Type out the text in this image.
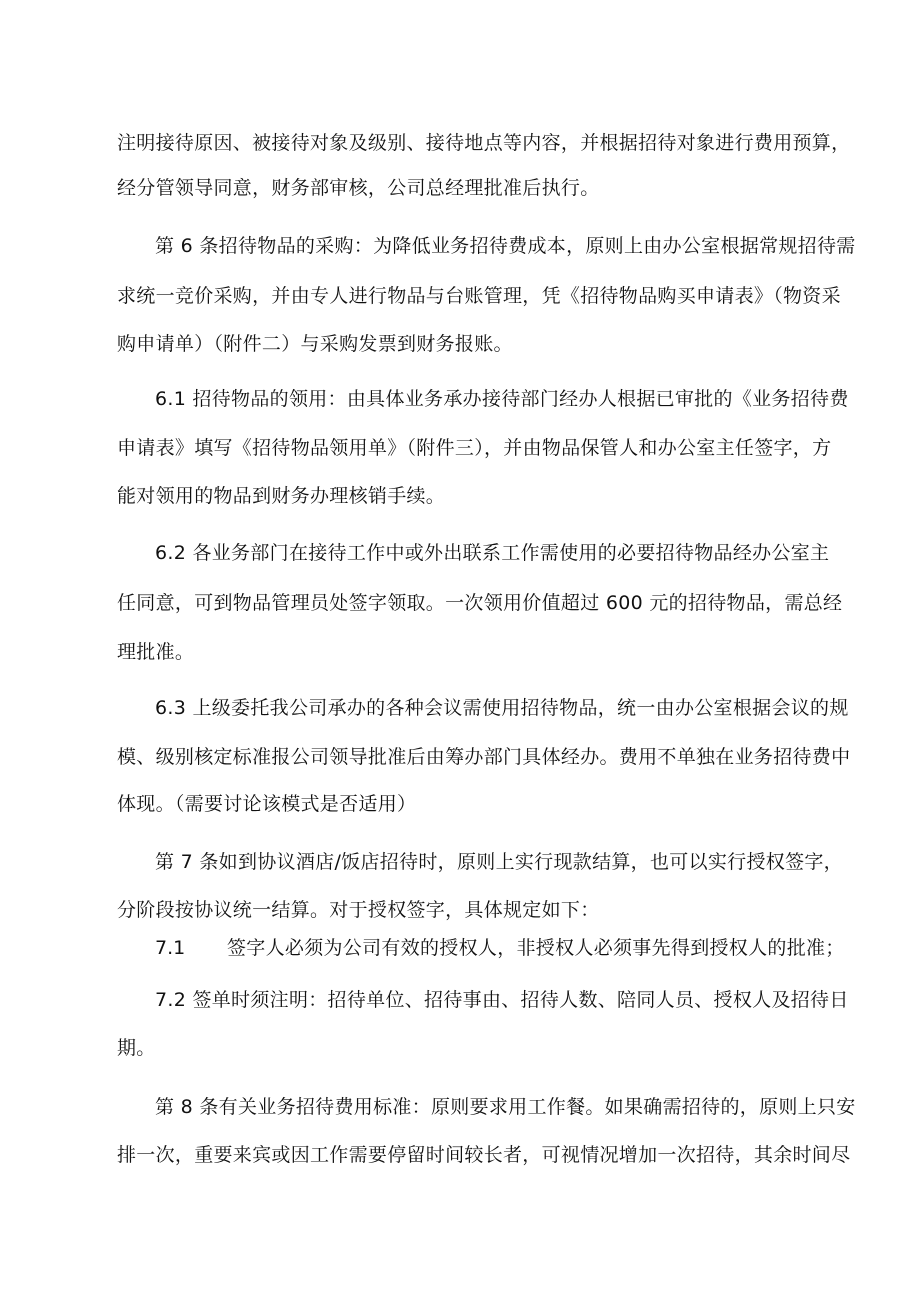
注明接待原因、被接待对象及级别、接待地点等内容，并根据招待对象进行费用预算，
经分管领导同意，财务部审核，公司总经理批准后执行。
第 6 条招待物品的采购：为降低业务招待费成本，原则上由办公室根据常规招待需
求统一竞价采购，并由专人进行物品与台账管理，凭《招待物品购买申请表》（物资采
购申请单）（附件二）与采购发票到财务报账。
6.1 招待物品的领用：由具体业务承办接待部门经办人根据已审批的《业务招待费
申请表》填写《招待物品领用单》（附件三），并由物品保管人和办公室主任签字，方
能对领用的物品到财务办理核销手续。
6.2 各业务部门在接待工作中或外出联系工作需使用的必要招待物品经办公室主
任同意，可到物品管理员处签字领取。一次领用价值超过 600 元的招待物品，需总经
理批准。
6.3 上级委托我公司承办的各种会议需使用招待物品，统一由办公室根据会议的规
模、级别核定标准报公司领导批准后由筹办部门具体经办。费用不单独在业务招待费中
体现。（需要讨论该模式是否适用）
第 7 条如到协议酒店/饭店招待时，原则上实行现款结算，也可以实行授权签字，
分阶段按协议统一结算。对于授权签字，具体规定如下：
7.1 签字人必须为公司有效的授权人，非授权人必须事先得到授权人的批准；
7.2 签单时须注明：招待单位、招待事由、招待人数、陪同人员、授权人及招待日
期。
第 8 条有关业务招待费用标准：原则要求用工作餐。如果确需招待的，原则上只安
排一次，重要来宾或因工作需要停留时间较长者，可视情况增加一次招待，其余时间尽
